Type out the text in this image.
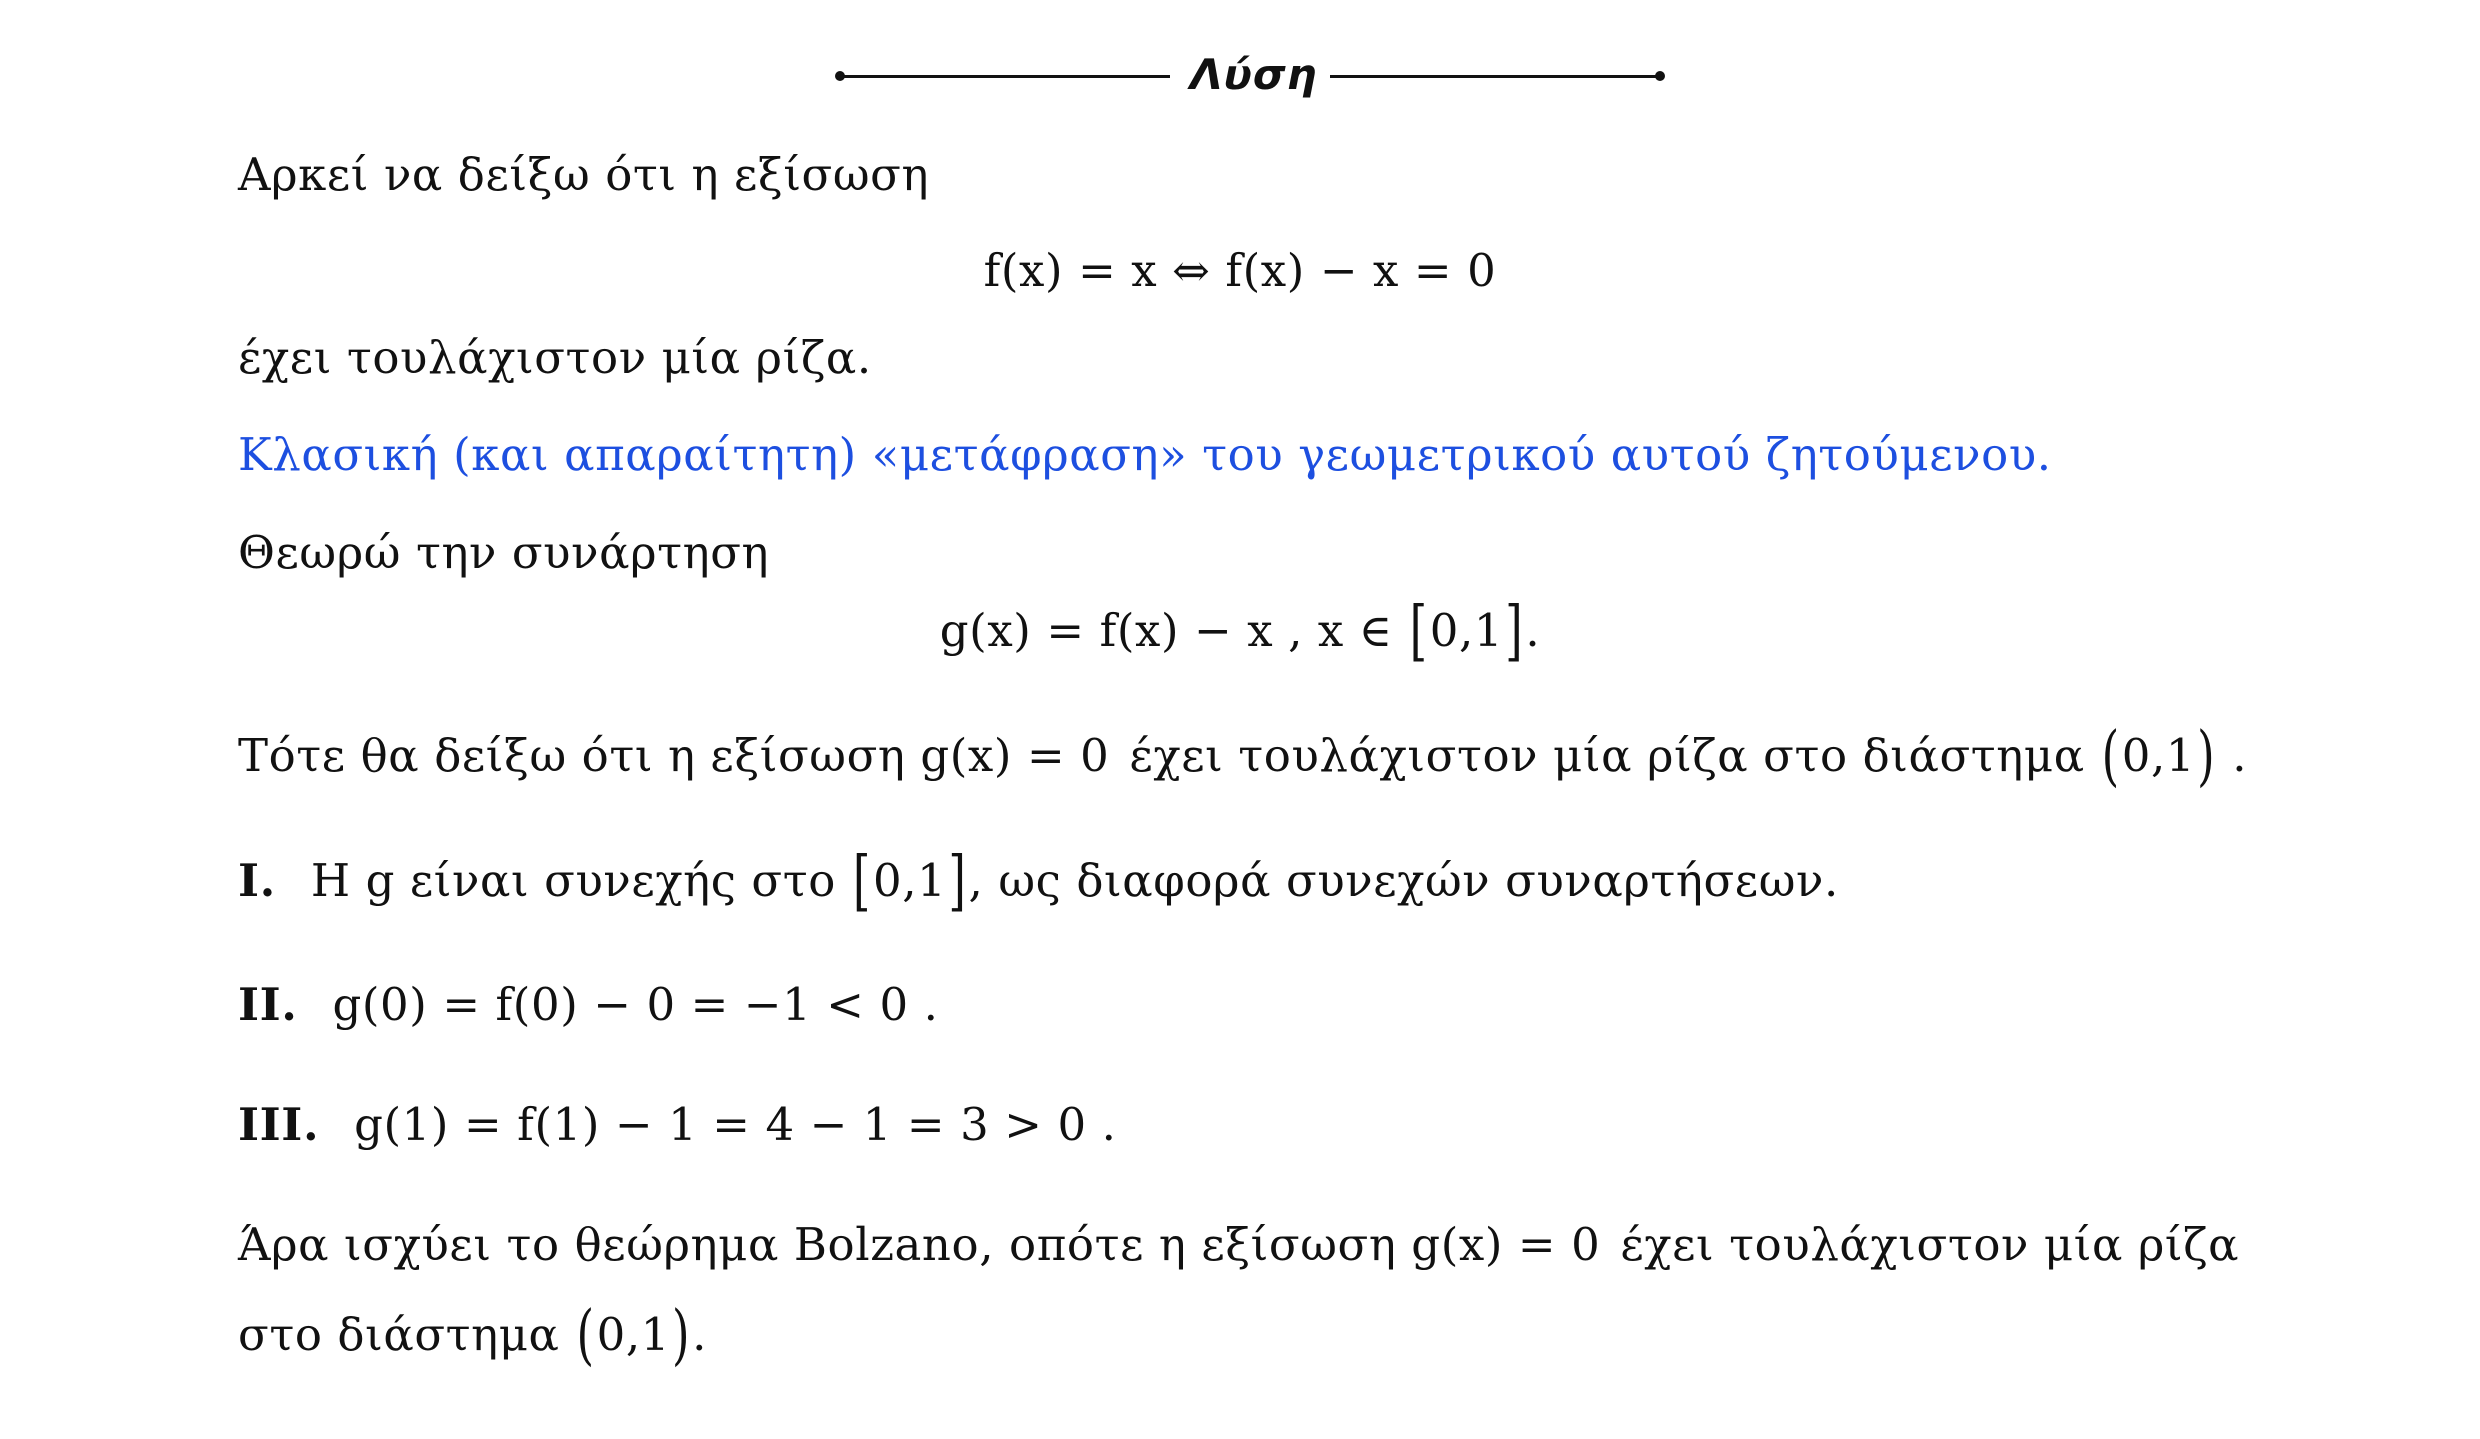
Λύση
Αρκεί να δείξω ότι η εξίσωση
f(x) = x ⇔ f(x) − x = 0
έχει τουλάχιστον μία ρίζα.
Κλασική (και απαραίτητη) «μετάφραση» του γεωμετρικού αυτού ζητούμενου.
Θεωρώ την συνάρτηση
g(x) = f(x) − x , x ∈ [0,1].
Τότε θα δείξω ότι η εξίσωση g(x) = 0 έχει τουλάχιστον μία ρίζα στο διάστημα (0,1) .
I. Η g είναι συνεχής στο [0,1], ως διαφορά συνεχών συναρτήσεων.
II. g(0) = f(0) − 0 = −1 < 0 .
III. g(1) = f(1) − 1 = 4 − 1 = 3 > 0 .
Άρα ισχύει το θεώρημα Bolzano, οπότε η εξίσωση g(x) = 0 έχει τουλάχιστον μία ρίζα
στο διάστημα (0,1).
